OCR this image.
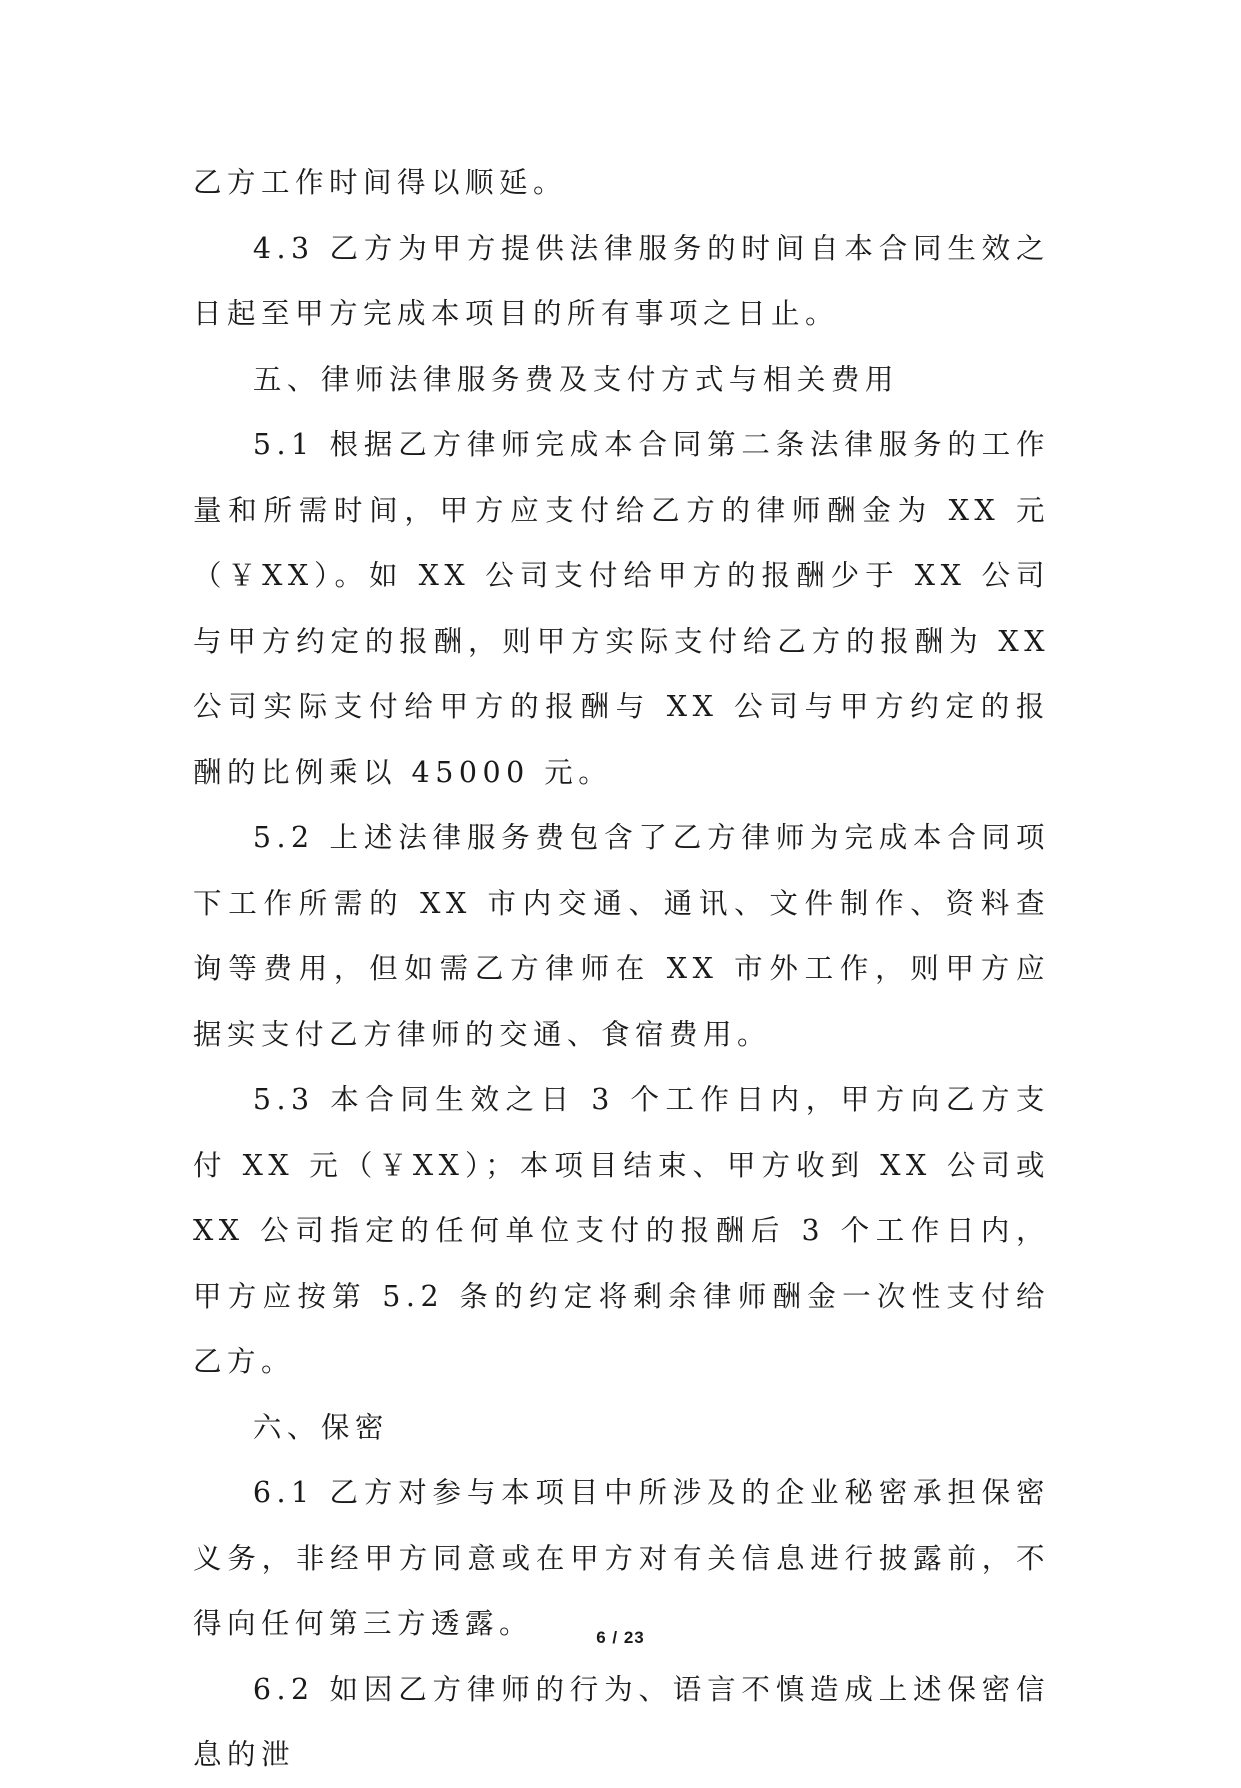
乙方工作时间得以顺延。

4.3 乙方为甲方提供法律服务的时间自本合同生效之日起至甲方完成本项目的所有事项之日止。

五、律师法律服务费及支付方式与相关费用

5.1 根据乙方律师完成本合同第二条法律服务的工作量和所需时间，甲方应支付给乙方的律师酬金为 XX 元（￥XX）。如 XX 公司支付给甲方的报酬少于 XX 公司与甲方约定的报酬，则甲方实际支付给乙方的报酬为 XX 公司实际支付给甲方的报酬与 XX 公司与甲方约定的报酬的比例乘以 45000 元。

5.2 上述法律服务费包含了乙方律师为完成本合同项下工作所需的 XX 市内交通、通讯、文件制作、资料查询等费用，但如需乙方律师在 XX 市外工作，则甲方应据实支付乙方律师的交通、食宿费用。

5.3 本合同生效之日 3 个工作日内，甲方向乙方支付 XX 元（￥XX）；本项目结束、甲方收到 XX 公司或 XX 公司指定的任何单位支付的报酬后 3 个工作日内，甲方应按第 5.2 条的约定将剩余律师酬金一次性支付给乙方。

六、保密

6.1 乙方对参与本项目中所涉及的企业秘密承担保密义务，非经甲方同意或在甲方对有关信息进行披露前，不得向任何第三方透露。

6.2 如因乙方律师的行为、语言不慎造成上述保密信息的泄

6 / 23
